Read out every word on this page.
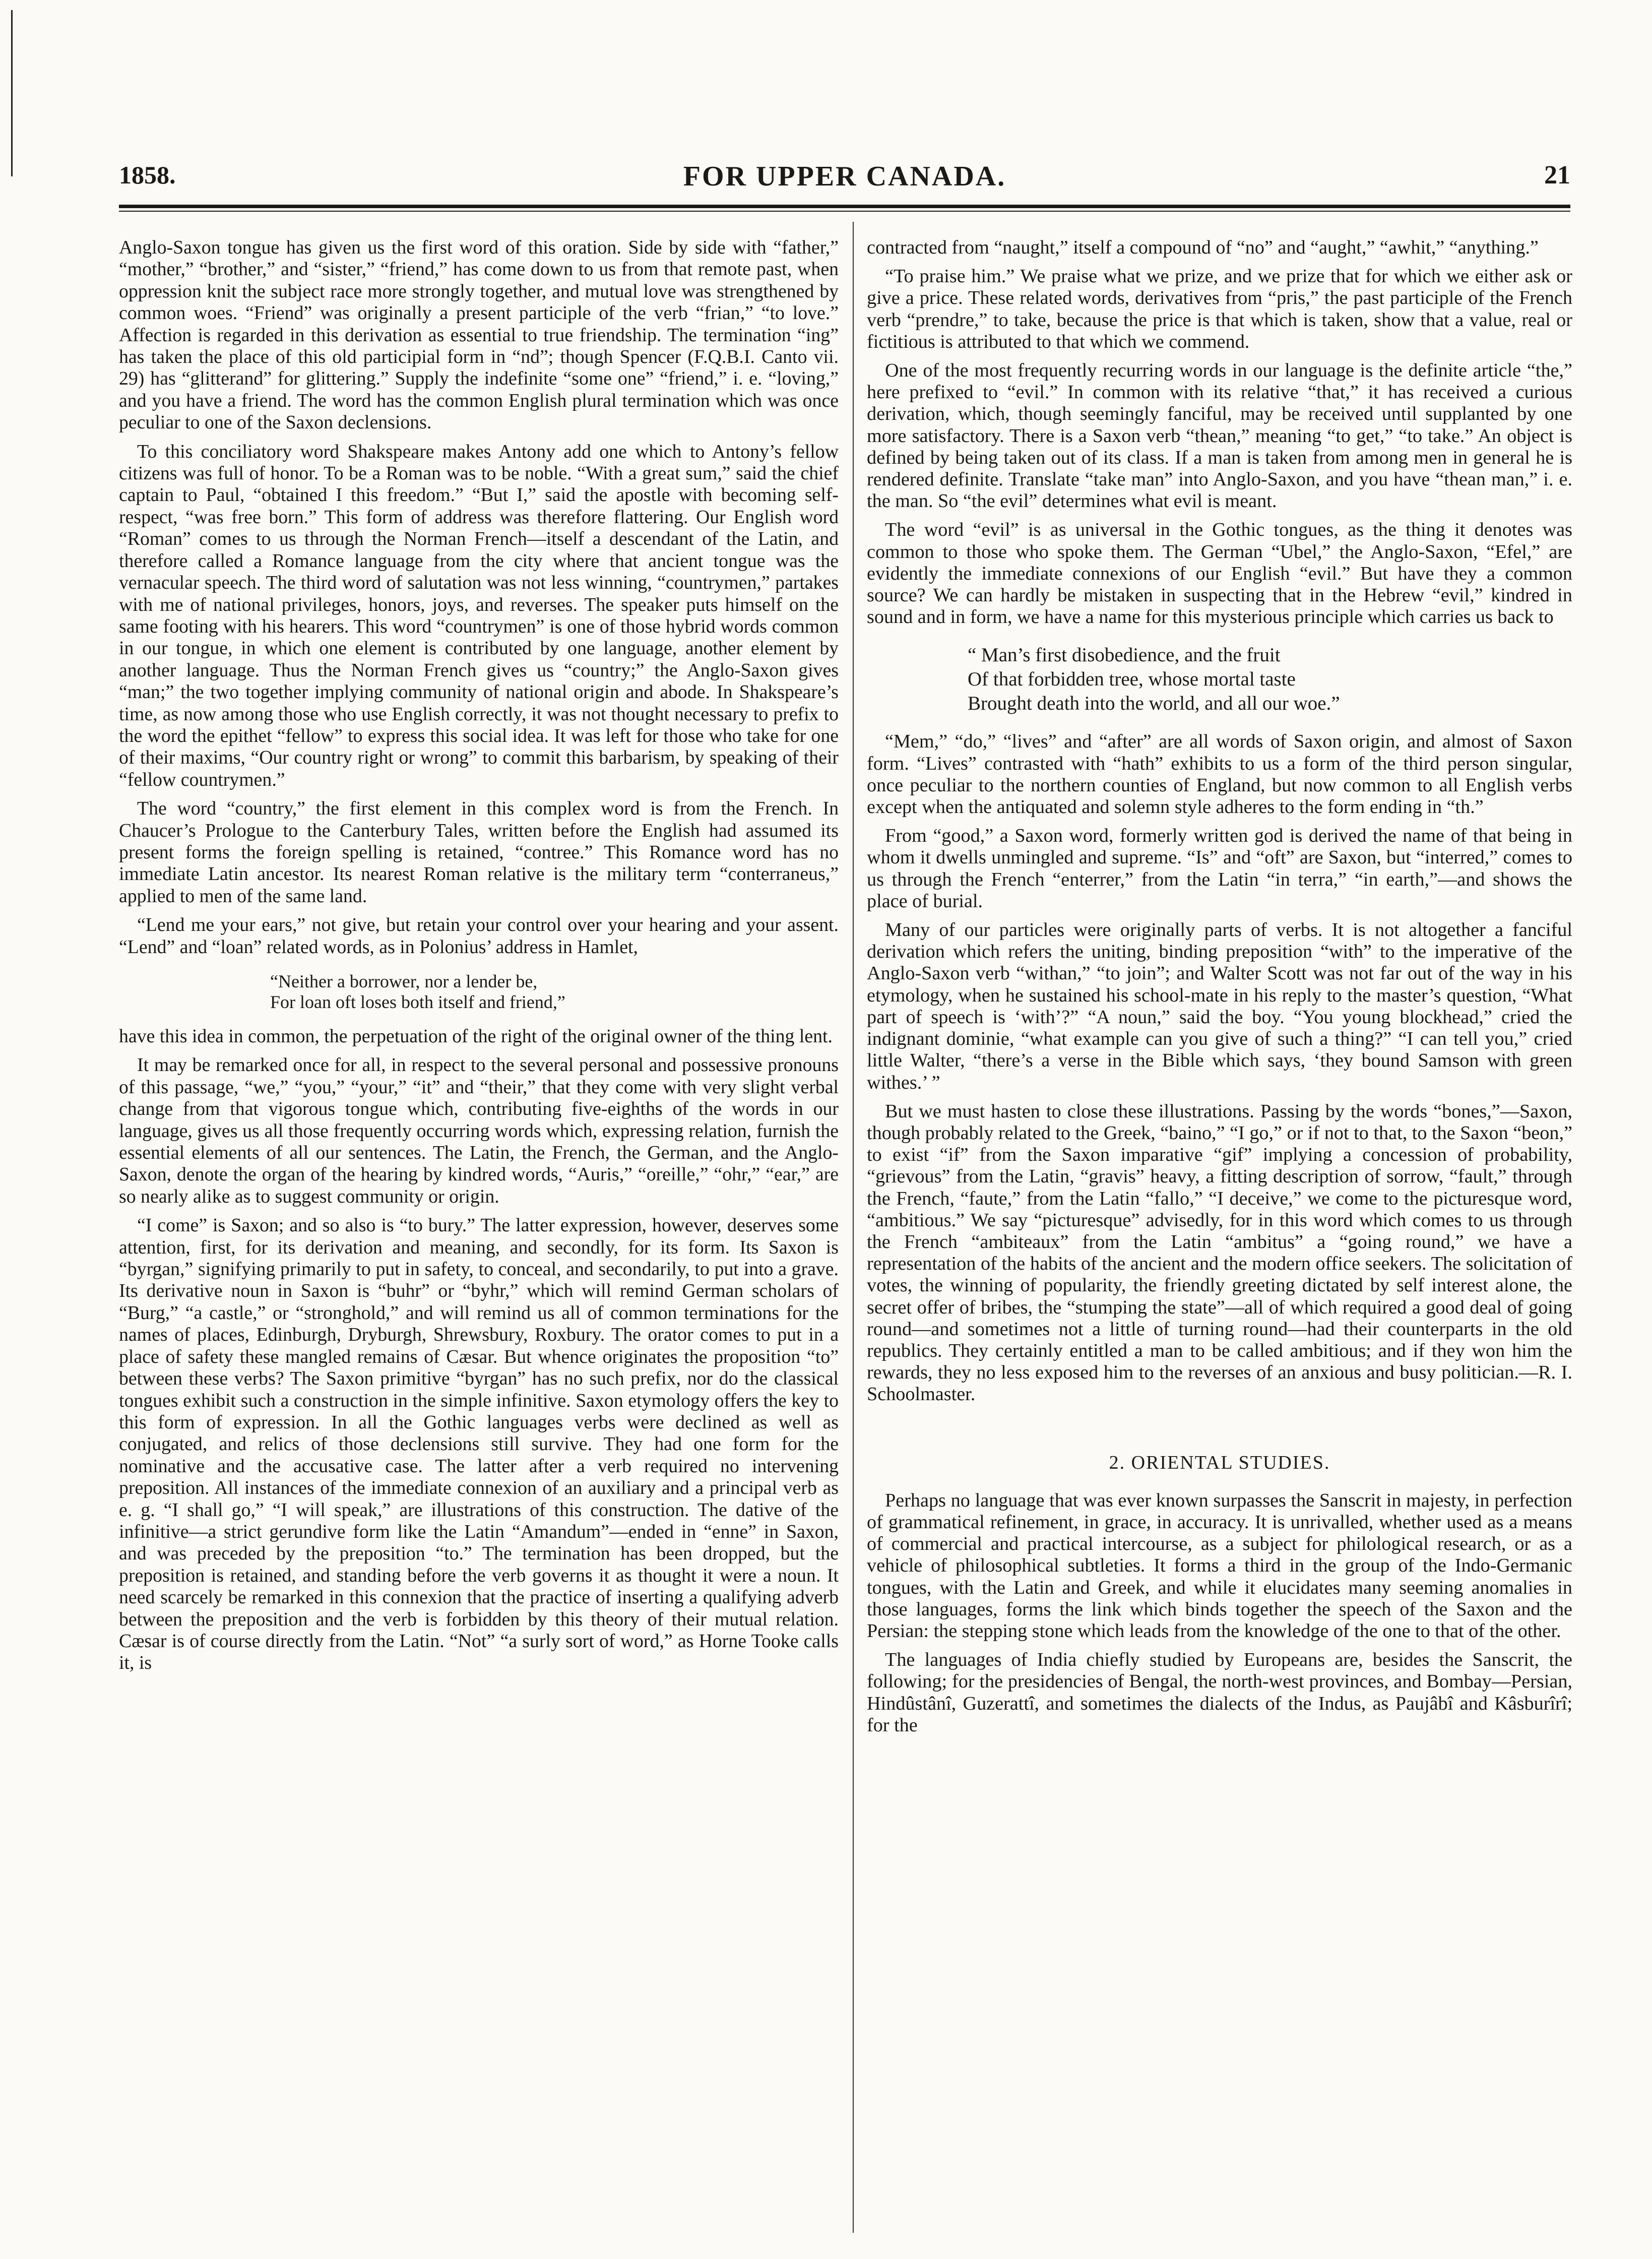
1858.	FOR UPPER CANADA.	21

Anglo-Saxon tongue has given us the first word of this oration. Side by side with “father,” “mother,” “brother,” and “sister,” “friend,” has come down to us from that remote past, when oppression knit the subject race more strongly together, and mutual love was strengthened by common woes. “Friend” was originally a present participle of the verb “frian,” “to love.” Affection is regarded in this derivation as essential to true friendship. The termination “ing” has taken the place of this old participial form in “nd”; though Spencer (F.Q.B.I. Canto vii. 29) has “glitterand” for glittering.” Supply the indefinite “some one” “friend,” i. e. “loving,” and you have a friend. The word has the common English plural termination which was once peculiar to one of the Saxon declensions.

To this conciliatory word Shakspeare makes Antony add one which to Antony’s fellow citizens was full of honor. To be a Roman was to be noble. “With a great sum,” said the chief captain to Paul, “obtained I this freedom.” “But I,” said the apostle with becoming self-respect, “was free born.” This form of address was therefore flattering. Our English word “Roman” comes to us through the Norman French—itself a descendant of the Latin, and therefore called a Romance language from the city where that ancient tongue was the vernacular speech. The third word of salutation was not less winning, “countrymen,” partakes with me of national privileges, honors, joys, and reverses. The speaker puts himself on the same footing with his hearers. This word “countrymen” is one of those hybrid words common in our tongue, in which one element is contributed by one language, another element by another language. Thus the Norman French gives us “country;” the Anglo-Saxon gives “man;” the two together implying community of national origin and abode. In Shakspeare’s time, as now among those who use English correctly, it was not thought necessary to prefix to the word the epithet “fellow” to express this social idea. It was left for those who take for one of their maxims, “Our country right or wrong” to commit this barbarism, by speaking of their “fellow countrymen.”

The word “country,” the first element in this complex word is from the French. In Chaucer’s Prologue to the Canterbury Tales, written before the English had assumed its present forms the foreign spelling is retained, “contree.” This Romance word has no immediate Latin ancestor. Its nearest Roman relative is the military term “conterraneus,” applied to men of the same land.

“Lend me your ears,” not give, but retain your control over your hearing and your assent. “Lend” and “loan” related words, as in Polonius’ address in Hamlet,

“Neither a borrower, nor a lender be,
For loan oft loses both itself and friend,”

have this idea in common, the perpetuation of the right of the original owner of the thing lent.

It may be remarked once for all, in respect to the several personal and possessive pronouns of this passage, “we,” “you,” “your,” “it” and “their,” that they come with very slight verbal change from that vigorous tongue which, contributing five-eighths of the words in our language, gives us all those frequently occurring words which, expressing relation, furnish the essential elements of all our sentences. The Latin, the French, the German, and the Anglo-Saxon, denote the organ of the hearing by kindred words, “Auris,” “oreille,” “ohr,” “ear,” are so nearly alike as to suggest community or origin.

“I come” is Saxon; and so also is “to bury.” The latter expression, however, deserves some attention, first, for its derivation and meaning, and secondly, for its form. Its Saxon is “byrgan,” signifying primarily to put in safety, to conceal, and secondarily, to put into a grave. Its derivative noun in Saxon is “buhr” or “byhr,” which will remind German scholars of “Burg,” “a castle,” or “stronghold,” and will remind us all of common terminations for the names of places, Edinburgh, Dryburgh, Shrewsbury, Roxbury. The orator comes to put in a place of safety these mangled remains of Cæsar. But whence originates the proposition “to” between these verbs? The Saxon primitive “byrgan” has no such prefix, nor do the classical tongues exhibit such a construction in the simple infinitive. Saxon etymology offers the key to this form of expression. In all the Gothic languages verbs were declined as well as conjugated, and relics of those declensions still survive. They had one form for the nominative and the accusative case. The latter after a verb required no intervening preposition. All instances of the immediate connexion of an auxiliary and a principal verb as e. g. “I shall go,” “I will speak,” are illustrations of this construction. The dative of the infinitive—a strict gerundive form like the Latin “Amandum”—ended in “enne” in Saxon, and was preceded by the preposition “to.” The termination has been dropped, but the preposition is retained, and standing before the verb governs it as thought it were a noun. It need scarcely be remarked in this connexion that the practice of inserting a qualifying adverb between the preposition and the verb is forbidden by this theory of their mutual relation. Cæsar is of course directly from the Latin. “Not” “a surly sort of word,” as Horne Tooke calls it, is

contracted from “naught,” itself a compound of “no” and “aught,” “awhit,” “anything.”

“To praise him.” We praise what we prize, and we prize that for which we either ask or give a price. These related words, derivatives from “pris,” the past participle of the French verb “prendre,” to take, because the price is that which is taken, show that a value, real or fictitious is attributed to that which we commend.

One of the most frequently recurring words in our language is the definite article “the,” here prefixed to “evil.” In common with its relative “that,” it has received a curious derivation, which, though seemingly fanciful, may be received until supplanted by one more satisfactory. There is a Saxon verb “thean,” meaning “to get,” “to take.” An object is defined by being taken out of its class. If a man is taken from among men in general he is rendered definite. Translate “take man” into Anglo-Saxon, and you have “thean man,” i. e. the man. So “the evil” determines what evil is meant.

The word “evil” is as universal in the Gothic tongues, as the thing it denotes was common to those who spoke them. The German “Ubel,” the Anglo-Saxon, “Efel,” are evidently the immediate connexions of our English “evil.” But have they a common source? We can hardly be mistaken in suspecting that in the Hebrew “evil,” kindred in sound and in form, we have a name for this mysterious principle which carries us back to

“ Man’s first disobedience, and the fruit
Of that forbidden tree, whose mortal taste
Brought death into the world, and all our woe.”

“Mem,” “do,” “lives” and “after” are all words of Saxon origin, and almost of Saxon form. “Lives” contrasted with “hath” exhibits to us a form of the third person singular, once peculiar to the northern counties of England, but now common to all English verbs except when the antiquated and solemn style adheres to the form ending in “th.”

From “good,” a Saxon word, formerly written god is derived the name of that being in whom it dwells unmingled and supreme. “Is” and “oft” are Saxon, but “interred,” comes to us through the French “enterrer,” from the Latin “in terra,” “in earth,”—and shows the place of burial.

Many of our particles were originally parts of verbs. It is not altogether a fanciful derivation which refers the uniting, binding preposition “with” to the imperative of the Anglo-Saxon verb “withan,” “to join”; and Walter Scott was not far out of the way in his etymology, when he sustained his school-mate in his reply to the master’s question, “What part of speech is ‘with’?” “A noun,” said the boy. “You young blockhead,” cried the indignant dominie, “what example can you give of such a thing?” “I can tell you,” cried little Walter, “there’s a verse in the Bible which says, ‘they bound Samson with green withes.’ ”

But we must hasten to close these illustrations. Passing by the words “bones,”—Saxon, though probably related to the Greek, “baino,” “I go,” or if not to that, to the Saxon “beon,” to exist “if” from the Saxon imparative “gif” implying a concession of probability, “grievous” from the Latin, “gravis” heavy, a fitting description of sorrow, “fault,” through the French, “faute,” from the Latin “fallo,” “I deceive,” we come to the picturesque word, “ambitious.” We say “picturesque” advisedly, for in this word which comes to us through the French “ambiteaux” from the Latin “ambitus” a “going round,” we have a representation of the habits of the ancient and the modern office seekers. The solicitation of votes, the winning of popularity, the friendly greeting dictated by self interest alone, the secret offer of bribes, the “stumping the state”—all of which required a good deal of going round—and sometimes not a little of turning round—had their counterparts in the old republics. They certainly entitled a man to be called ambitious; and if they won him the rewards, they no less exposed him to the reverses of an anxious and busy politician.—R. I. Schoolmaster.

2. ORIENTAL STUDIES.

Perhaps no language that was ever known surpasses the Sanscrit in majesty, in perfection of grammatical refinement, in grace, in accuracy. It is unrivalled, whether used as a means of commercial and practical intercourse, as a subject for philological research, or as a vehicle of philosophical subtleties. It forms a third in the group of the Indo-Germanic tongues, with the Latin and Greek, and while it elucidates many seeming anomalies in those languages, forms the link which binds together the speech of the Saxon and the Persian: the stepping stone which leads from the knowledge of the one to that of the other.

The languages of India chiefly studied by Europeans are, besides the Sanscrit, the following; for the presidencies of Bengal, the north-west provinces, and Bombay—Persian, Hindûstânî, Guzerattî, and sometimes the dialects of the Indus, as Paujâbî and Kâsburîrî; for the
